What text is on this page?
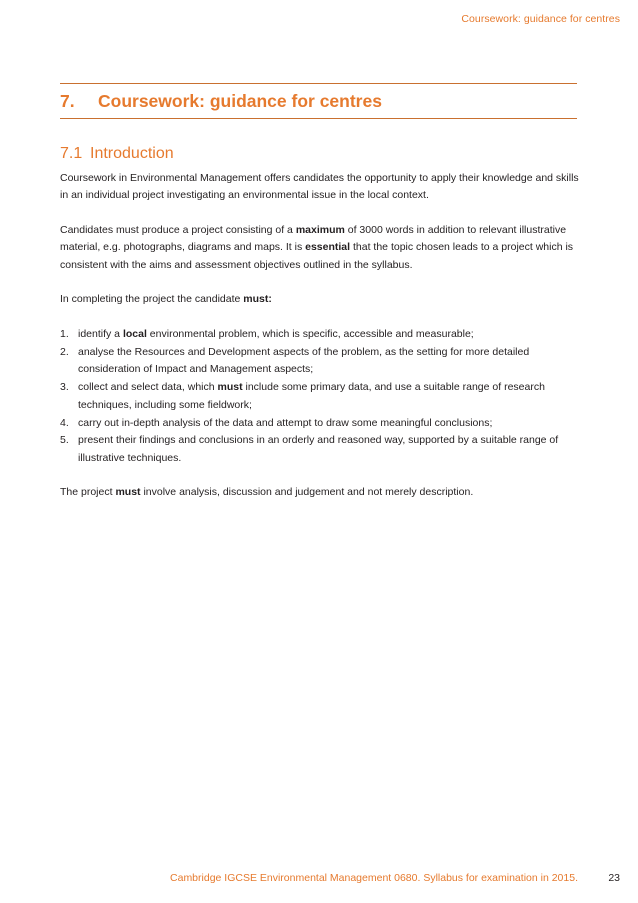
Coursework: guidance for centres
7. Coursework: guidance for centres
7.1 Introduction

Coursework in Environmental Management offers candidates the opportunity to apply their knowledge and skills in an individual project investigating an environmental issue in the local context.

Candidates must produce a project consisting of a maximum of 3000 words in addition to relevant illustrative material, e.g. photographs, diagrams and maps. It is essential that the topic chosen leads to a project which is consistent with the aims and assessment objectives outlined in the syllabus.

In completing the project the candidate must:

1. identify a local environmental problem, which is specific, accessible and measurable;
2. analyse the Resources and Development aspects of the problem, as the setting for more detailed consideration of Impact and Management aspects;
3. collect and select data, which must include some primary data, and use a suitable range of research techniques, including some fieldwork;
4. carry out in-depth analysis of the data and attempt to draw some meaningful conclusions;
5. present their findings and conclusions in an orderly and reasoned way, supported by a suitable range of illustrative techniques.

The project must involve analysis, discussion and judgement and not merely description.

Cambridge IGCSE Environmental Management 0680. Syllabus for examination in 2015.	23
